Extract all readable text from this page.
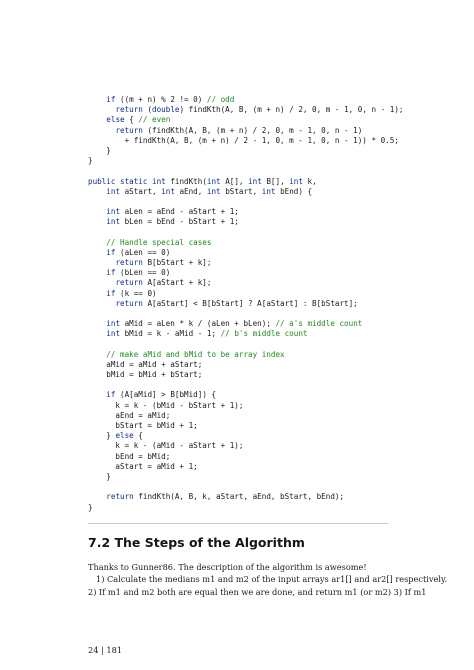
if ((m + n) % 2 != 0) // odd
return (double) findKth(A, B, (m + n) / 2, 0, m - 1, 0, n - 1);
else { // even
return (findKth(A, B, (m + n) / 2, 0, m - 1, 0, n - 1)
+ findKth(A, B, (m + n) / 2 - 1, 0, m - 1, 0, n - 1)) * 0.5;
}
}
public static int findKth(int A[], int B[], int k,
int aStart, int aEnd, int bStart, int bEnd) {
int aLen = aEnd - aStart + 1;
int bLen = bEnd - bStart + 1;
// Handle special cases
if (aLen == 0)
return B[bStart + k];
if (bLen == 0)
return A[aStart + k];
if (k == 0)
return A[aStart] < B[bStart] ? A[aStart] : B[bStart];
int aMid = aLen * k / (aLen + bLen); // a's middle count
int bMid = k - aMid - 1; // b's middle count
// make aMid and bMid to be array index
aMid = aMid + aStart;
bMid = bMid + bStart;
if (A[aMid] > B[bMid]) {
k = k - (bMid - bStart + 1);
aEnd = aMid;
bStart = bMid + 1;
} else {
k = k - (aMid - aStart + 1);
bEnd = bMid;
aStart = aMid + 1;
}
return findKth(A, B, k, aStart, aEnd, bStart, bEnd);
}
7.2 The Steps of the Algorithm

Thanks to Gunner86. The description of the algorithm is awesome!

1) Calculate the medians m1 and m2 of the input arrays ar1[] and ar2[] respectively.

2) If m1 and m2 both are equal then we are done, and return m1 (or m2) 3) If m1

24 | 181
